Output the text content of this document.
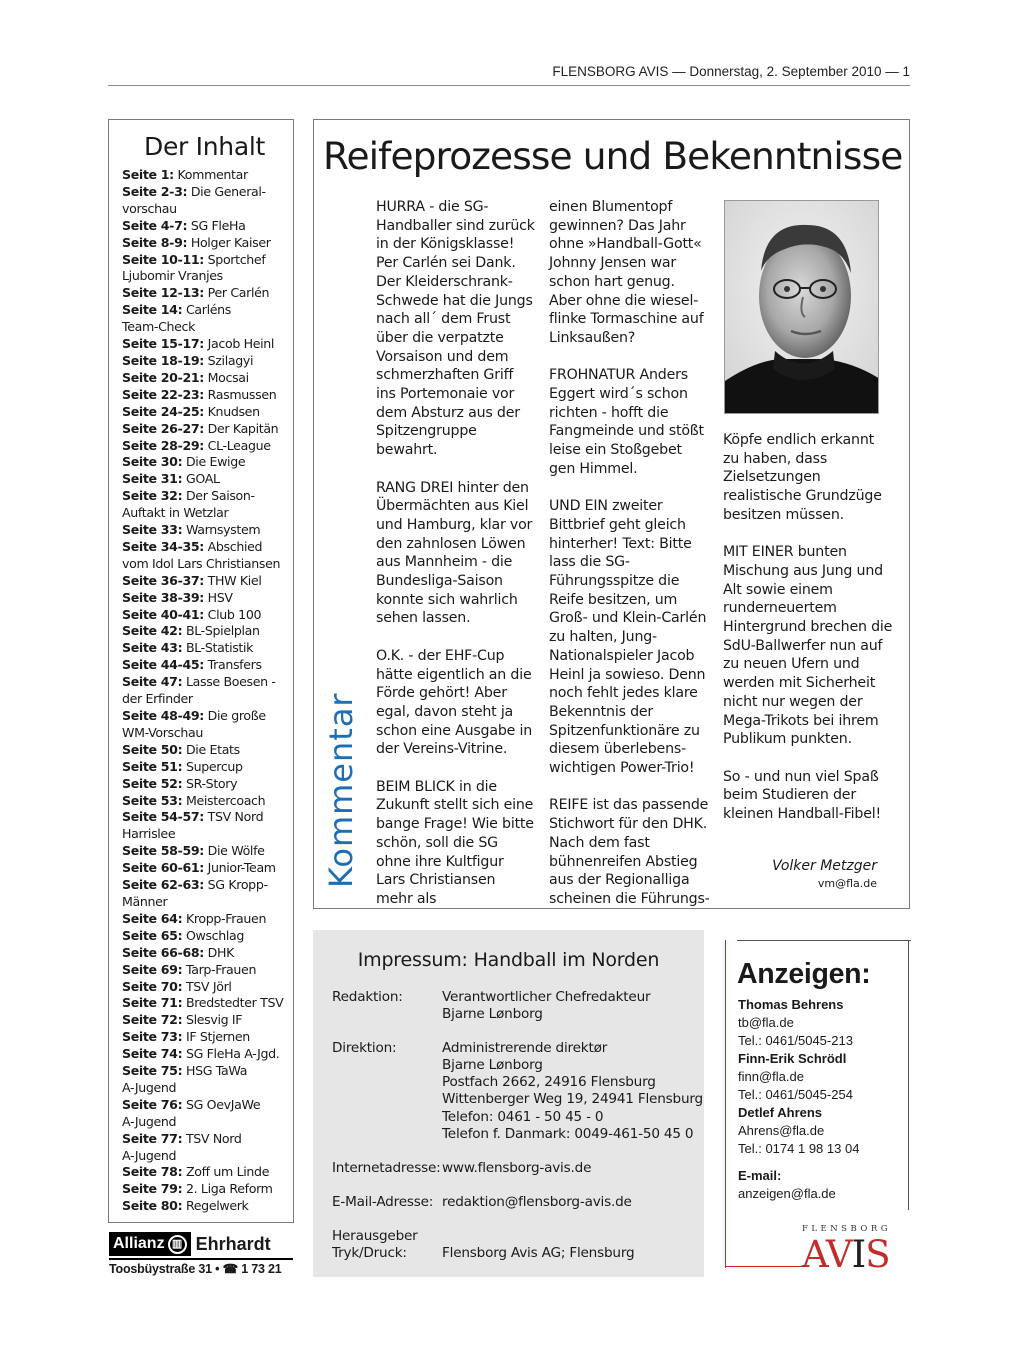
FLENSBORG AVIS — Donnerstag, 2. September 2010 — 1
Der Inhalt
Seite 1: Kommentar
Seite 2-3: Die General-
vorschau
Seite 4-7: SG FleHa
Seite 8-9: Holger Kaiser
Seite 10-11: Sportchef
Ljubomir Vranjes
Seite 12-13: Per Carlén
Seite 14: Carléns
Team-Check
Seite 15-17: Jacob Heinl
Seite 18-19: Szilagyi
Seite 20-21: Mocsai
Seite 22-23: Rasmussen
Seite 24-25: Knudsen
Seite 26-27: Der Kapitän
Seite 28-29: CL-League
Seite 30: Die Ewige
Seite 31: GOAL
Seite 32: Der Saison-
Auftakt in Wetzlar
Seite 33: Warnsystem
Seite 34-35: Abschied
vom Idol Lars Christiansen
Seite 36-37: THW Kiel
Seite 38-39: HSV
Seite 40-41: Club 100
Seite 42: BL-Spielplan
Seite 43: BL-Statistik
Seite 44-45: Transfers
Seite 47: Lasse Boesen -
der Erfinder
Seite 48-49: Die große
WM-Vorschau
Seite 50: Die Etats
Seite 51: Supercup
Seite 52: SR-Story
Seite 53: Meistercoach
Seite 54-57: TSV Nord
Harrislee
Seite 58-59: Die Wölfe
Seite 60-61: Junior-Team
Seite 62-63: SG Kropp-
Männer
Seite 64: Kropp-Frauen
Seite 65: Owschlag
Seite 66-68: DHK
Seite 69: Tarp-Frauen
Seite 70: TSV Jörl
Seite 71: Bredstedter TSV
Seite 72: Slesvig IF
Seite 73: IF Stjernen
Seite 74: SG FleHa A-Jgd.
Seite 75: HSG TaWa
A-Jugend
Seite 76: SG OevJaWe
A-Jugend
Seite 77: TSV Nord
A-Jugend
Seite 78: Zoff um Linde
Seite 79: 2. Liga Reform
Seite 80: Regelwerk
Allianz ▥ Ehrhardt
Toosbüystraße 31 • ☎ 1 73 21
Reifeprozesse und Bekenntnisse
Kommentar

HURRA - die SG-Handballer sind zurück in der Königsklasse! Per Carlén sei Dank. Der Kleiderschrank-Schwede hat die Jungs nach all´ dem Frust über die verpatzte Vorsaison und dem schmerzhaften Griff ins Portemonaie vor dem Absturz aus der Spitzengruppe bewahrt.

RANG DREI hinter den Übermächten aus Kiel und Hamburg, klar vor den zahnlosen Löwen aus Mannheim - die Bundesliga-Saison konnte sich wahrlich sehen lassen.

O.K. - der EHF-Cup hätte eigentlich an die Förde gehört! Aber egal, davon steht ja schon eine Ausgabe in der Vereins-Vitrine.

BEIM BLICK in die Zukunft stellt sich eine bange Frage! Wie bitte schön, soll die SG ohne ihre Kultfigur Lars Christiansen mehr als

einen Blumentopf gewinnen? Das Jahr ohne »Handball-Gott« Johnny Jensen war schon hart genug. Aber ohne die wiesel-flinke Tormaschine auf Linksaußen?

FROHNATUR Anders Eggert wird´s schon richten - hofft die Fangmeinde und stößt leise ein Stoßgebet gen Himmel.

UND EIN zweiter Bittbrief geht gleich hinterher! Text: Bitte lass die SG-Führungsspitze die Reife besitzen, um Groß- und Klein-Carlén zu halten, Jung-Nationalspieler Jacob Heinl ja sowieso. Denn noch fehlt jedes klare Bekenntnis der Spitzenfunktionäre zu diesem überlebens-wichtigen Power-Trio!

REIFE ist das passende Stichwort für den DHK. Nach dem fast bühnenreifen Abstieg aus der Regionalliga scheinen die Führungs-

Köpfe endlich erkannt zu haben, dass Zielsetzungen realistische Grundzüge besitzen müssen.

MIT EINER bunten Mischung aus Jung und Alt sowie einem runderneuertem Hintergrund brechen die SdU-Ballwerfer nun auf zu neuen Ufern und werden mit Sicherheit nicht nur wegen der Mega-Trikots bei ihrem Publikum punkten.

So - und nun viel Spaß beim Studieren der kleinen Handball-Fibel!

Volker Metzger
vm@fla.de
Impressum: Handball im Norden
Redaktion:	Verantwortlicher Chefredakteur
Bjarne Lønborg
Direktion:	Administrerende direktør
Bjarne Lønborg
Postfach 2662, 24916 Flensburg
Wittenberger Weg 19, 24941 Flensburg
Telefon: 0461 - 50 45 - 0
Telefon f. Danmark: 0049-461-50 45 0
Internetadresse: www.flensborg-avis.de
E-Mail-Adresse: redaktion@flensborg-avis.de
Herausgeber
Tryk/Druck:	
Flensborg Avis AG; Flensburg
Anzeigen:
Thomas Behrens
tb@fla.de
Tel.: 0461/5045-213
Finn-Erik Schrödl
finn@fla.de
Tel.: 0461/5045-254
Detlef Ahrens
Ahrens@fla.de
Tel.: 0174 1 98 13 04
E-mail:
anzeigen@fla.de
FLENSBORG
AVIS
